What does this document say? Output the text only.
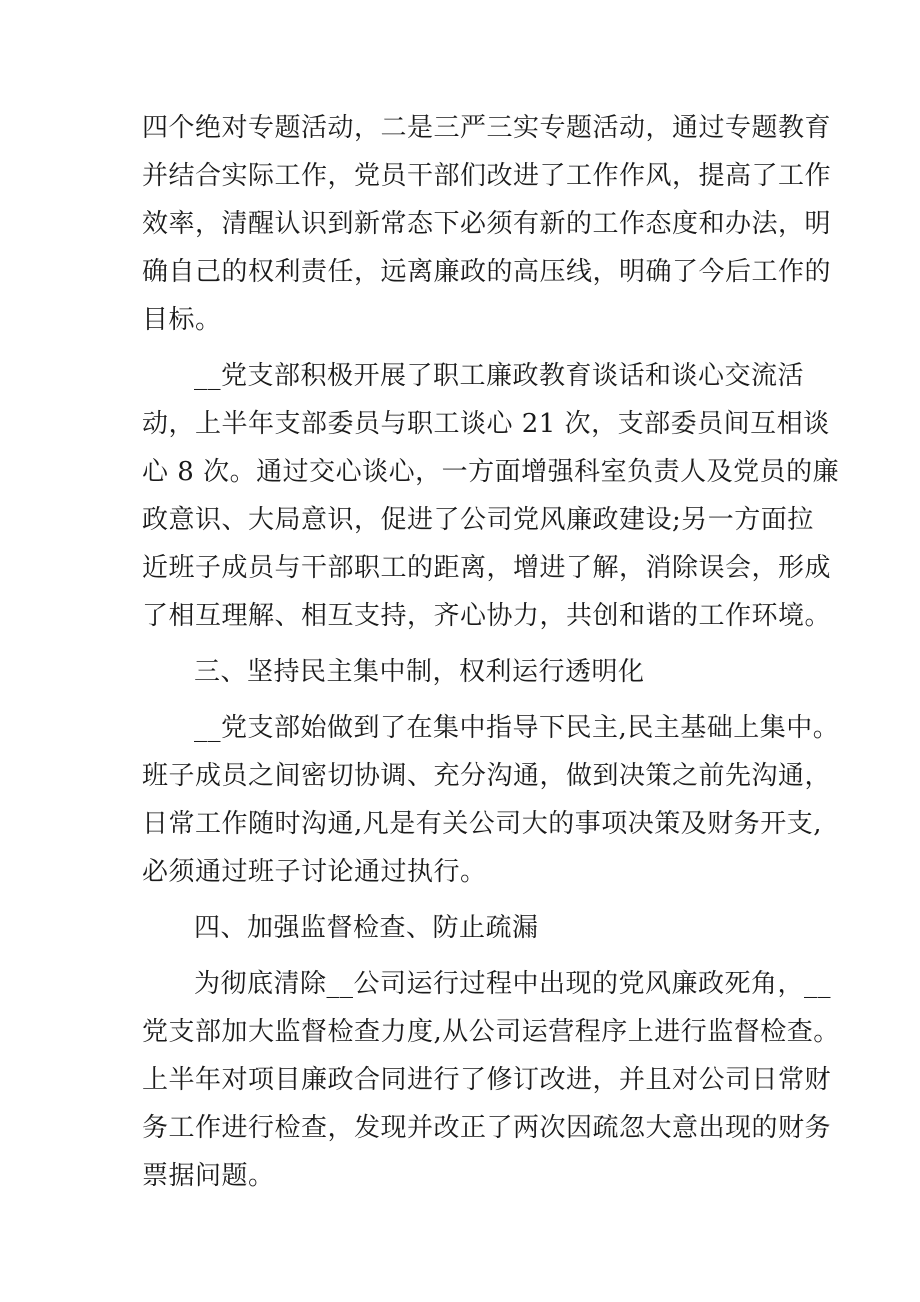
四个绝对专题活动，二是三严三实专题活动，通过专题教育
并结合实际工作，党员干部们改进了工作作风，提高了工作
效率，清醒认识到新常态下必须有新的工作态度和办法，明
确自己的权利责任，远离廉政的高压线，明确了今后工作的
目标。
__党支部积极开展了职工廉政教育谈话和谈心交流活
动，上半年支部委员与职工谈心 21 次，支部委员间互相谈
心 8 次。通过交心谈心，一方面增强科室负责人及党员的廉
政意识、大局意识，促进了公司党风廉政建设;另一方面拉
近班子成员与干部职工的距离，增进了解，消除误会，形成
了相互理解、相互支持，齐心协力，共创和谐的工作环境。
三、坚持民主集中制，权利运行透明化
__党支部始做到了在集中指导下民主,民主基础上集中。
班子成员之间密切协调、充分沟通，做到决策之前先沟通，
日常工作随时沟通,凡是有关公司大的事项决策及财务开支,
必须通过班子讨论通过执行。
四、加强监督检查、防止疏漏
为彻底清除__公司运行过程中出现的党风廉政死角，__
党支部加大监督检查力度,从公司运营程序上进行监督检查。
上半年对项目廉政合同进行了修订改进，并且对公司日常财
务工作进行检查，发现并改正了两次因疏忽大意出现的财务
票据问题。
